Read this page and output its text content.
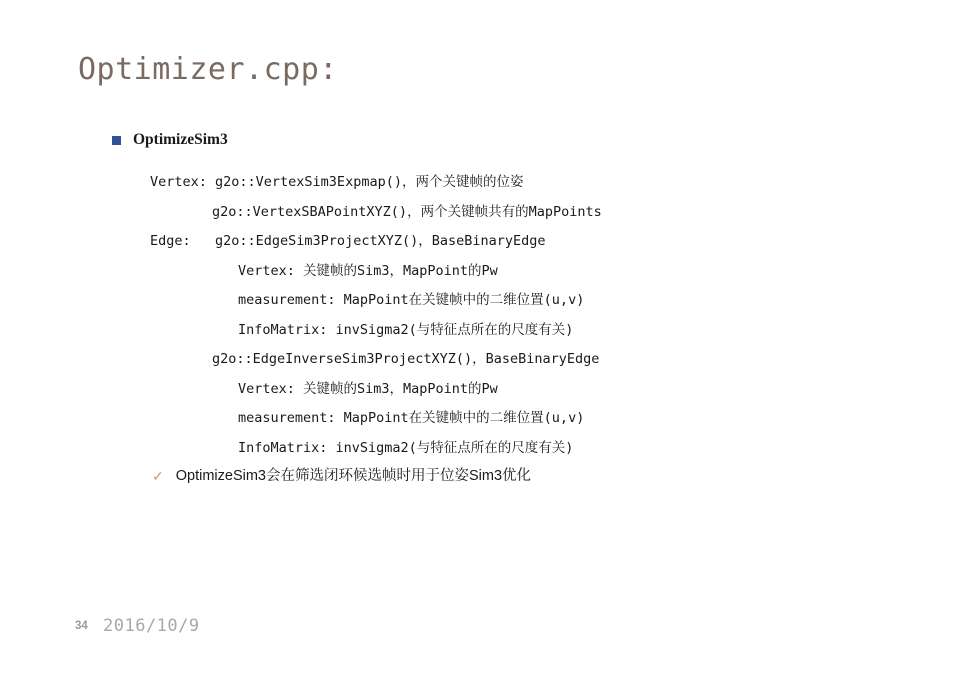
Optimizer.cpp:
OptimizeSim3
Vertex: g2o::VertexSim3Expmap()，两个关键帧的位姿
g2o::VertexSBAPointXYZ()，两个关键帧共有的MapPoints
Edge:   g2o::EdgeSim3ProjectXYZ()，BaseBinaryEdge
Vertex: 关键帧的Sim3，MapPoint的Pw
measurement: MapPoint在关键帧中的二维位置(u,v)
InfoMatrix: invSigma2(与特征点所在的尺度有关)
g2o::EdgeInverseSim3ProjectXYZ()，BaseBinaryEdge
Vertex: 关键帧的Sim3，MapPoint的Pw
measurement: MapPoint在关键帧中的二维位置(u,v)
InfoMatrix: invSigma2(与特征点所在的尺度有关)
✓ OptimizeSim3会在筛选闭环候选帧时用于位姿Sim3优化
34 2016/10/9
